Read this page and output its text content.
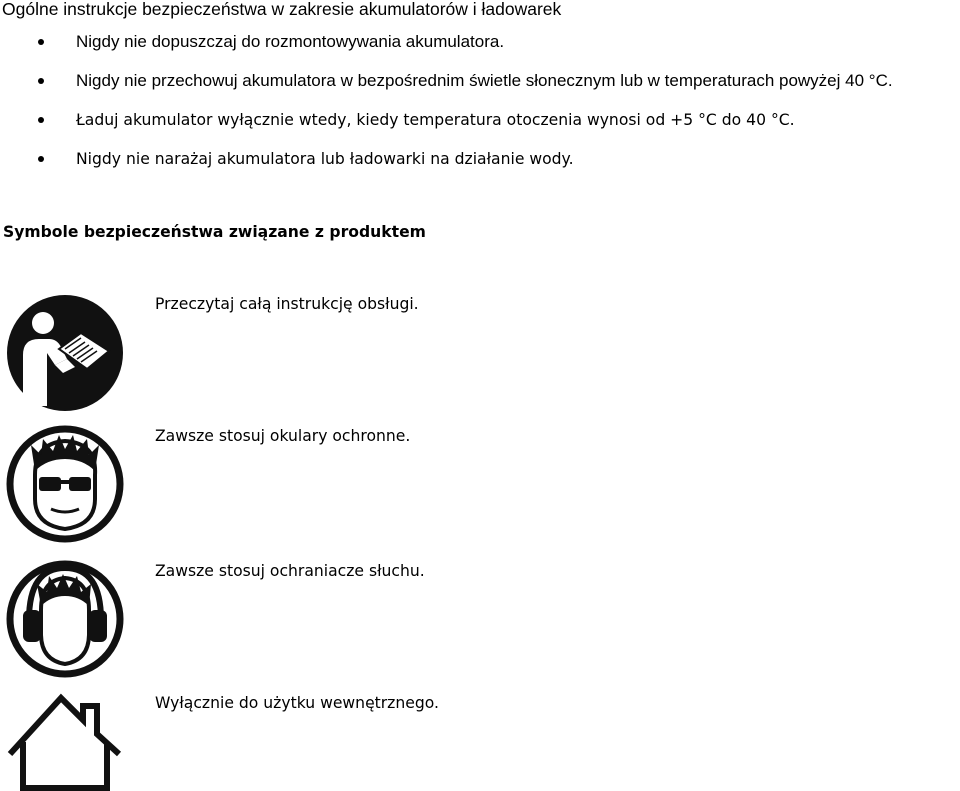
Ogólne instrukcje bezpieczeństwa w zakresie akumulatorów i ładowarek
Nigdy nie dopuszczaj do rozmontowywania akumulatora.
Nigdy nie przechowuj akumulatora w bezpośrednim świetle słonecznym lub w temperaturach powyżej 40 °C.
Ładuj akumulator wyłącznie wtedy, kiedy temperatura otoczenia wynosi od +5 °C do 40 °C.
Nigdy nie narażaj akumulatora lub ładowarki na działanie wody.
Symbole bezpieczeństwa związane z produktem
Przeczytaj całą instrukcję obsługi.
Zawsze stosuj okulary ochronne.
Zawsze stosuj ochraniacze słuchu.
Wyłącznie do użytku wewnętrznego.
